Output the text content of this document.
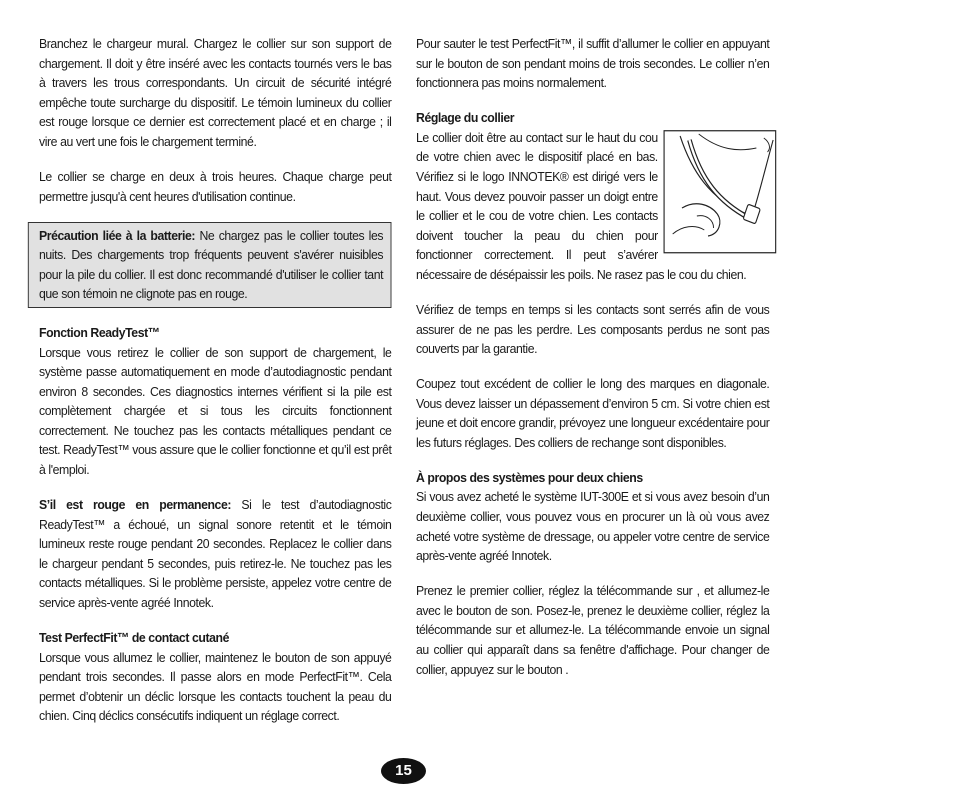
Branchez le chargeur mural. Chargez le collier sur son support de chargement. Il doit y être inséré avec les contacts tournés vers le bas à travers les trous correspondants. Un circuit de sécurité intégré empêche toute surcharge du dispositif. Le témoin lumineux du collier est rouge lorsque ce dernier est correctement placé et en charge ; il vire au vert une fois le chargement terminé.

Le collier se charge en deux à trois heures. Chaque charge peut permettre jusqu'à cent heures d'utilisation continue.

Précaution liée à la batterie: Ne chargez pas le collier toutes les nuits. Des chargements trop fréquents peuvent s'avérer nuisibles pour la pile du collier. Il est donc recommandé d'utiliser le collier tant que son témoin ne clignote pas en rouge.
Fonction ReadyTest™

Lorsque vous retirez le collier de son support de chargement, le système passe automatiquement en mode d’autodiagnostic pendant environ 8 secondes. Ces diagnostics internes vérifient si la pile est complètement chargée et si tous les circuits fonctionnent correctement. Ne touchez pas les contacts métalliques pendant ce test. ReadyTest™ vous assure que le collier fonctionne et qu’il est prêt à l'emploi.

S’il est rouge en permanence: Si le test d’autodiagnostic ReadyTest™ a échoué, un signal sonore retentit et le témoin lumineux reste rouge pendant 20 secondes. Replacez le collier dans le chargeur pendant 5 secondes, puis retirez-le. Ne touchez pas les contacts métalliques. Si le problème persiste, appelez votre centre de service après-vente agréé Innotek.

Test PerfectFit™ de contact cutané

Lorsque vous allumez le collier, maintenez le bouton de son appuyé pendant trois secondes. Il passe alors en mode PerfectFit™. Cela permet d’obtenir un déclic lorsque les contacts touchent la peau du chien. Cinq déclics consécutifs indiquent un réglage correct.

Pour sauter le test PerfectFit™, il suffit d’allumer le collier en appuyant sur le bouton de son pendant moins de trois secondes. Le collier n’en fonctionnera pas moins normalement.

Réglage du collier

Le collier doit être au contact sur le haut du cou de votre chien avec le dispositif placé en bas. Vérifiez si le logo INNOTEK® est dirigé vers le haut. Vous devez pouvoir passer un doigt entre le collier et le cou de votre chien. Les contacts doivent toucher la peau du chien pour fonctionner correctement. Il peut s’avérer nécessaire de désépaissir les poils. Ne rasez pas le cou du chien.

Vérifiez de temps en temps si les contacts sont serrés afin de vous assurer de ne pas les perdre. Les composants perdus ne sont pas couverts par la garantie.

Coupez tout excédent de collier le long des marques en diagonale. Vous devez laisser un dépassement d’environ 5 cm. Si votre chien est jeune et doit encore grandir, prévoyez une longueur excédentaire pour les futurs réglages. Des colliers de rechange sont disponibles.

À propos des systèmes pour deux chiens

Si vous avez acheté le système IUT-300E et si vous avez besoin d’un deuxième collier, vous pouvez vous en procurer un là où vous avez acheté votre système de dressage, ou appeler votre centre de service après-vente agréé Innotek.

Prenez le premier collier, réglez la télécommande sur , et allumez-le avec le bouton de son. Posez-le, prenez le deuxième collier, réglez la télécommande sur et allumez-le. La télécommande envoie un signal au collier qui apparaît dans sa fenêtre d'affichage. Pour changer de collier, appuyez sur le bouton .

15
